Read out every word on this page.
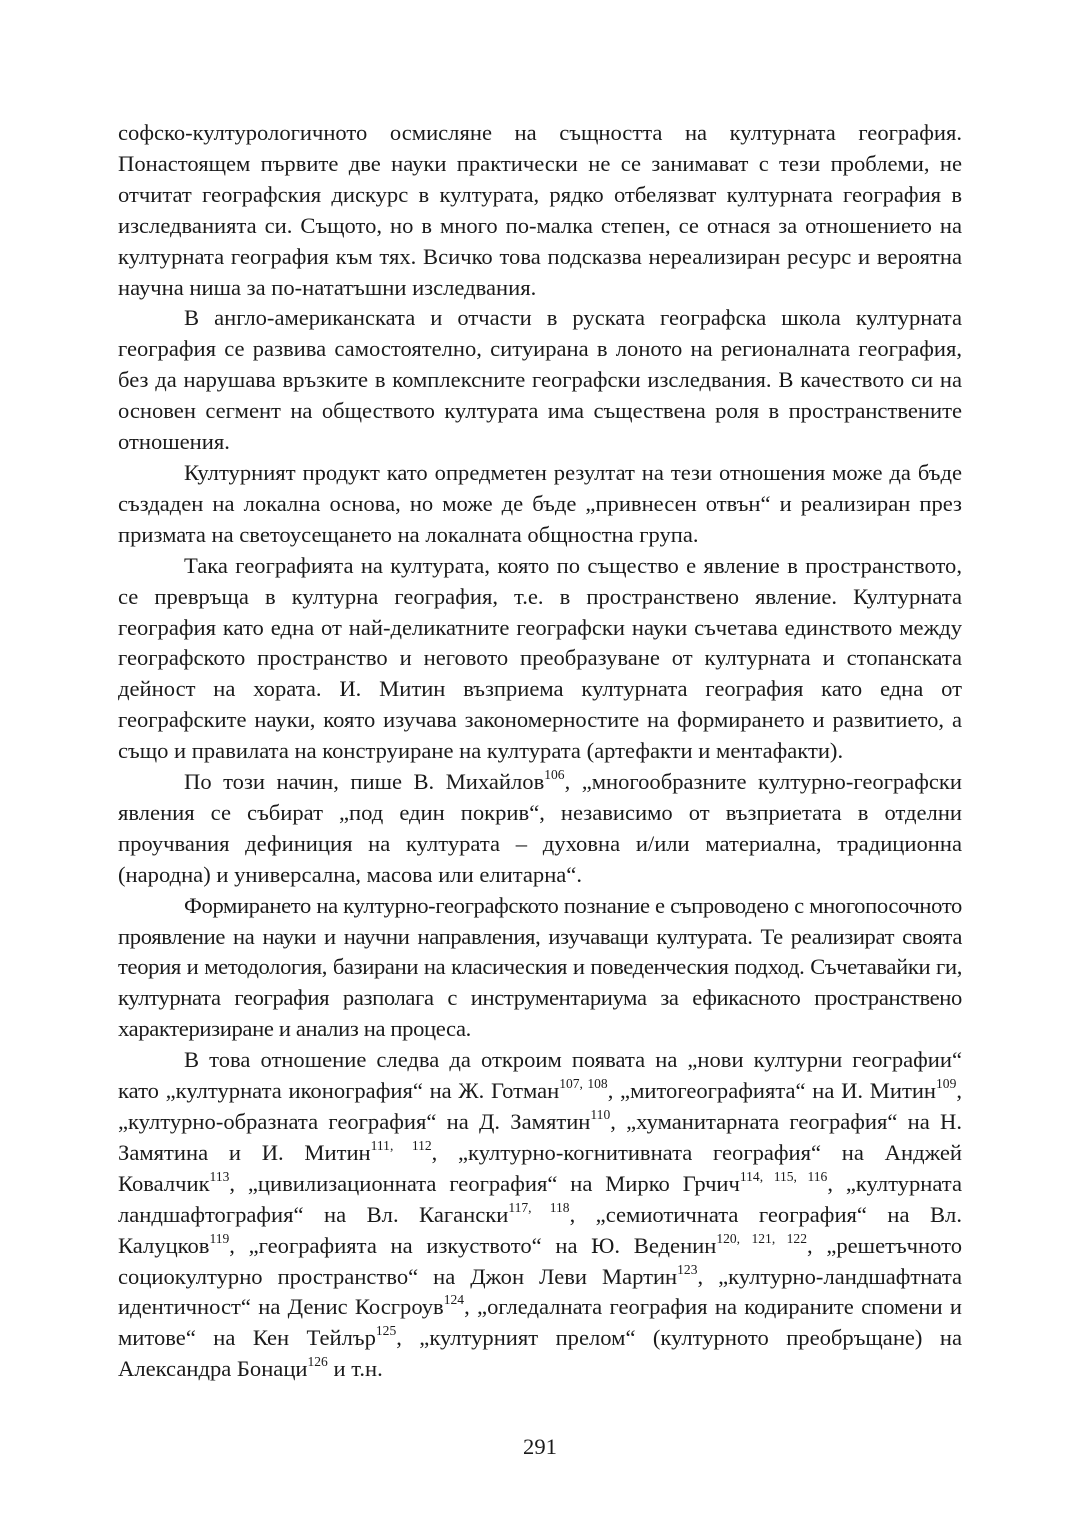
софско-културологичното осмисляне на същността на културната география. Понастоящем първите две науки практически не се занимават с тези проблеми, не отчитат географския дискурс в културата, рядко отбелязват културната география в изследванията си. Същото, но в много по-малка степен, се отнася за отношението на културната география към тях. Всичко това подсказва нереализиран ресурс и вероятна научна ниша за по-нататъшни изследвания.

В англо-американската и отчасти в руската географска школа културната география се развива самостоятелно, ситуирана в лоното на регионалната география, без да нарушава връзките в комплексните географски изследвания. В качеството си на основен сегмент на обществото културата има съществена роля в пространствените отношения.

Културният продукт като опредметен резултат на тези отношения може да бъде създаден на локална основа, но може де бъде „привнесен отвън“ и реализиран през призмата на светоусещането на локалната общностна група.

Така географията на културата, която по същество е явление в пространството, се превръща в културна география, т.е. в пространствено явление. Културната география като една от най-деликатните географски науки съчетава единството между географското пространство и неговото преобразуване от културната и стопанската дейност на хората. И. Митин възприема културната география като една от географските науки, която изучава закономерностите на формирането и развитието, а също и правилата на конструиране на културата (артефакти и ментафакти).

По този начин, пише В. Михайлов$^{106}$, „многообразните културно-географски явления се събират „под един покрив“, независимо от възприетата в отделни проучвания дефиниция на културата – духовна и/или материална, традиционна (народна) и универсална, масова или елитарна“.

Формирането на културно-географското познание е съпроводено с многопосочното проявление на науки и научни направления, изучаващи културата. Те реализират своята теория и методология, базирани на класическия и поведенческия подход. Съчетавайки ги, културната география разполага с инструментариума за ефикасното пространствено характеризиране и анализ на процеса.

В това отношение следва да откроим появата на „нови културни географии“ като „културната иконография“ на Ж. Готман$^{107, 108}$, „митогеографията“ на И. Митин$^{109}$, „културно-образната география“ на Д. Замятин$^{110}$, „хуманитарната география“ на Н. Замятина и И. Митин$^{111, 112}$, „културно-когнитивната география“ на Анджей Ковалчик$^{113}$, „цивилизационната география“ на Мирко Грчич$^{114, 115, 116}$, „културната ландшафтография“ на Вл. Кагански$^{117, 118}$, „семиотичната география“ на Вл. Калуцков$^{119}$, „географията на изкуството“ на Ю. Веденин$^{120, 121, 122}$, „решетъчното социокултурно пространство“ на Джон Леви Мартин$^{123}$, „културно-ландшафтната идентичност“ на Денис Косгроув$^{124}$, „огледалната география на кодираните спомени и митове“ на Кен Тейлър$^{125}$, „културният прелом“ (културното преобръщане) на Александра Бонаци$^{126}$ и т.н.

291
